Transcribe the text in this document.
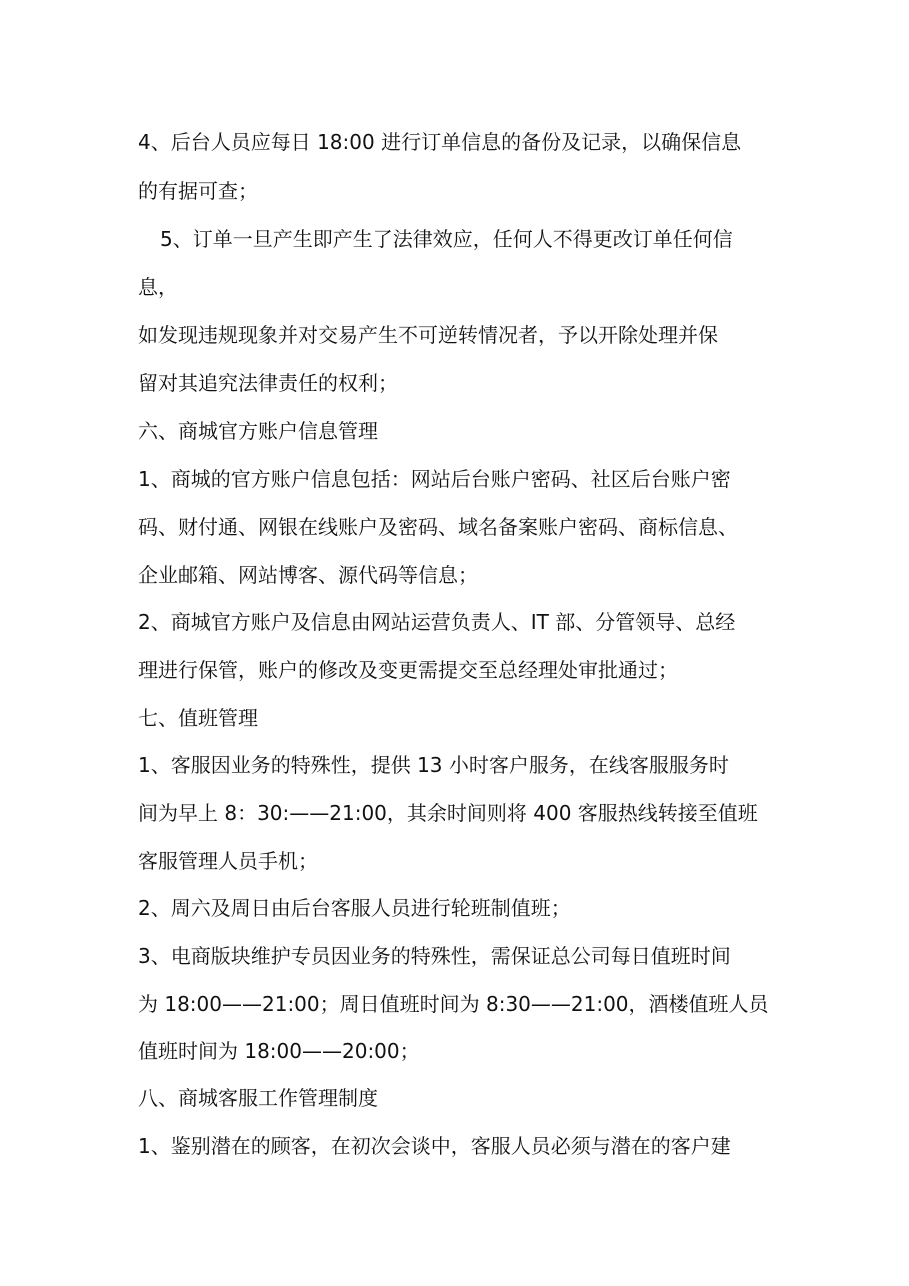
4、后台人员应每日 18:00 进行订单信息的备份及记录，以确保信息
的有据可查；
5、订单一旦产生即产生了法律效应，任何人不得更改订单任何信
息，
如发现违规现象并对交易产生不可逆转情况者，予以开除处理并保
留对其追究法律责任的权利；
六、商城官方账户信息管理
1、商城的官方账户信息包括：网站后台账户密码、社区后台账户密
码、财付通、网银在线账户及密码、域名备案账户密码、商标信息、
企业邮箱、网站博客、源代码等信息；
2、商城官方账户及信息由网站运营负责人、IT 部、分管领导、总经
理进行保管，账户的修改及变更需提交至总经理处审批通过；
七、值班管理
1、客服因业务的特殊性，提供 13 小时客户服务，在线客服服务时
间为早上 8：30:——21:00，其余时间则将 400 客服热线转接至值班
客服管理人员手机；
2、周六及周日由后台客服人员进行轮班制值班；
3、电商版块维护专员因业务的特殊性，需保证总公司每日值班时间
为 18:00——21:00；周日值班时间为 8:30——21:00，酒楼值班人员
值班时间为 18:00——20:00；
八、商城客服工作管理制度
1、鉴别潜在的顾客，在初次会谈中，客服人员必须与潜在的客户建
